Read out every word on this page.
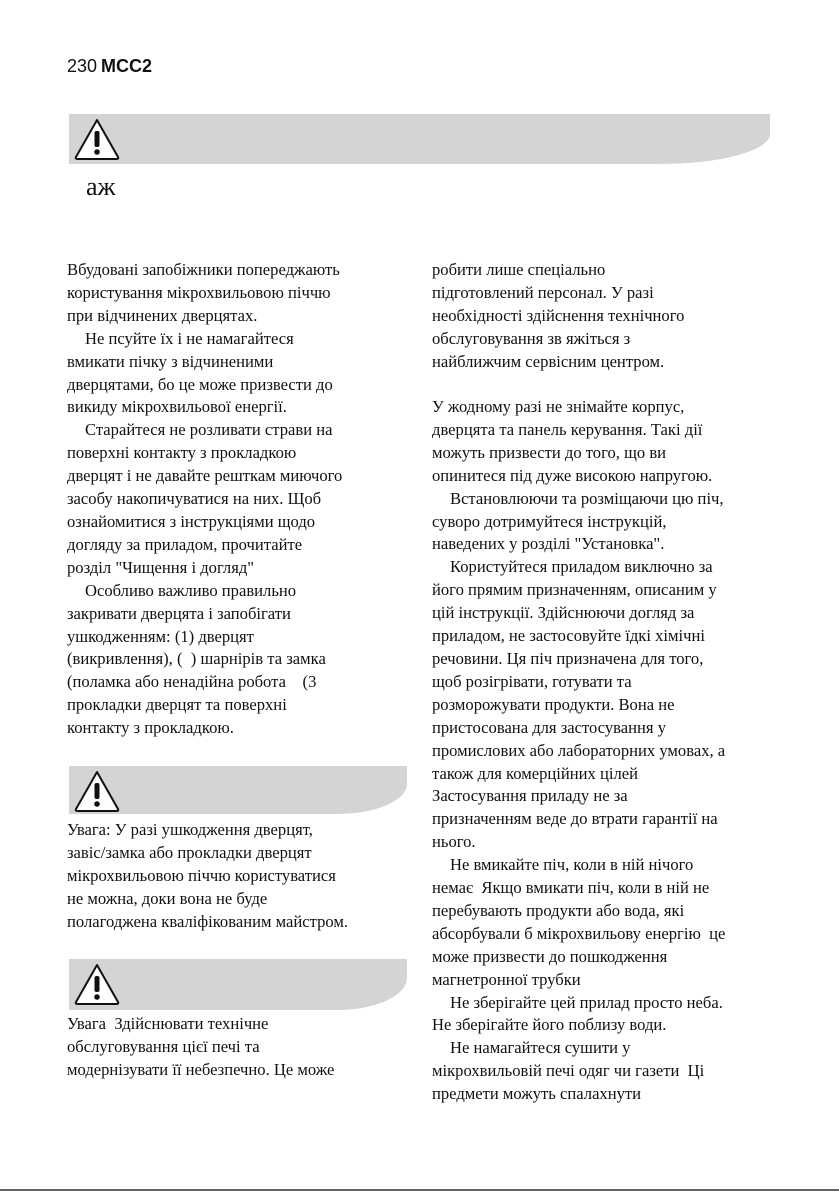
230 MCC2
аж

Вбудовані запобіжники попереджають
користування мікрохвильовою піччю
при відчинених дверцятах.

Не псуйте їх і не намагайтеся
вмикати пічку з відчиненими
дверцятами, бо це може призвести до
викиду мікрохвильової енергії.

Старайтеся не розливати страви на
поверхні контакту з прокладкою
дверцят і не давайте решткам миючого
засобу накопичуватися на них. Щоб
ознайомитися з інструкціями щодо
догляду за приладом, прочитайте
розділ "Чищення і догляд"

Особливо важливо правильно
закривати дверцята і запобігати
ушкодженням: (1) дверцят
(викривлення), (  ) шарнірів та замка
(поламка або ненадійна робота    (3
прокладки дверцят та поверхні
контакту з прокладкою.

Увага: У разі ушкодження дверцят,
завіс/замка або прокладки дверцят
мікрохвильовою піччю користуватися
не можна, доки вона не буде
полагоджена кваліфікованим майстром.
Увага  Здійснювати технічне
обслуговування цієї печі та
модернізувати її небезпечно. Це може
робити лише спеціально
підготовлений персонал. У разі
необхідності здійснення технічного
обслуговування зв яжіться з
найближчим сервісним центром.

У жодному разі не знімайте корпус,
дверцята та панель керування. Такі дії
можуть призвести до того, що ви
опинитеся під дуже високою напругою.

Встановлюючи та розміщаючи цю піч,
суворо дотримуйтеся інструкцій,
наведених у розділі "Установка".

Користуйтеся приладом виключно за
його прямим призначенням, описаним у
цій інструкції. Здійснюючи догляд за
приладом, не застосовуйте їдкі хімічні
речовини. Ця піч призначена для того,
щоб розігрівати, готувати та
розморожувати продукти. Вона не
пристосована для застосування у
промислових або лабораторних умовах, а
також для комерційних цілей
Застосування приладу не за
призначенням веде до втрати гарантії на
нього.

Не вмикайте піч, коли в ній нічого
немає  Якщо вмикати піч, коли в ній не
перебувають продукти або вода, які
абсорбували б мікрохвильову енергію  це
може призвести до пошкодження
магнетронної трубки

Не зберігайте цей прилад просто неба.
Не зберігайте його поблизу води.

Не намагайтеся сушити у
мікрохвильовій печі одяг чи газети  Ці
предмети можуть спалахнути
